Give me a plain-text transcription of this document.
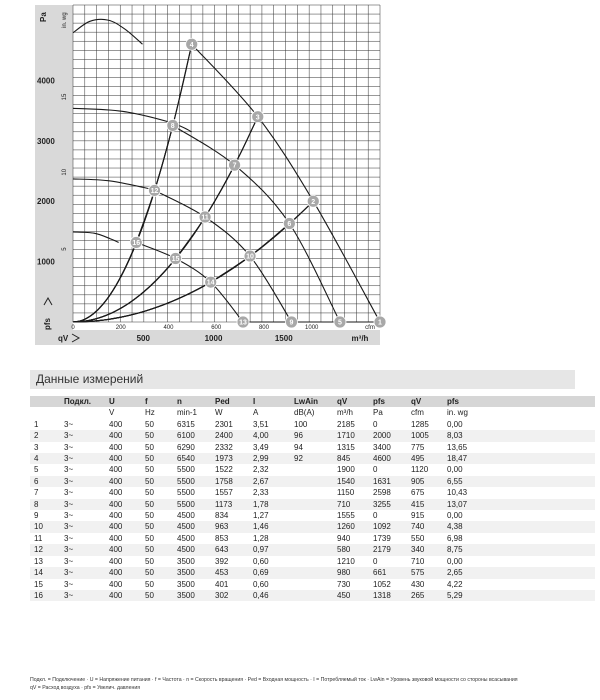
1000
2000
3000
4000
5
10
15
Pa in. wg
pfs	0	200	400	600	800	1000	cfm
500	1000	1500	m³/h
qV
1
2
3
4
5
6
7
8
9
10
11
12
13
14
15
16
Данные измерений
	Подкл.	U	f	n	Ped	I	LwAin	qV	pfs	qV	pfs
		V	Hz	min-1	W	A	dB(A)	m³/h	Pa	cfm	in. wg
1	3~	400	50	6315	2301	3,51	100	2185	0	1285	0,00
2	3~	400	50	6100	2400	4,00	96	1710	2000	1005	8,03
3	3~	400	50	6290	2332	3,49	94	1315	3400	775	13,65
4	3~	400	50	6540	1973	2,99	92	845	4600	495	18,47
5	3~	400	50	5500	1522	2,32		1900	0	1120	0,00
6	3~	400	50	5500	1758	2,67		1540	1631	905	6,55
7	3~	400	50	5500	1557	2,33		1150	2598	675	10,43
8	3~	400	50	5500	1173	1,78		710	3255	415	13,07
9	3~	400	50	4500	834	1,27		1555	0	915	0,00
10	3~	400	50	4500	963	1,46		1260	1092	740	4,38
11	3~	400	50	4500	853	1,28		940	1739	550	6,98
12	3~	400	50	4500	643	0,97		580	2179	340	8,75
13	3~	400	50	3500	392	0,60		1210	0	710	0,00
14	3~	400	50	3500	453	0,69		980	661	575	2,65
15	3~	400	50	3500	401	0,60		730	1052	430	4,22
16	3~	400	50	3500	302	0,46		450	1318	265	5,29
Подкл. = Подключение · U = Напряжение питания · f = Частота · n = Скорость вращения · Ped = Входная мощность · I = Потребляемый ток · LwAin = Уровень звуковой мощности со стороны всасывания
qV = Расход воздуха · pfs = Увелич. давления
